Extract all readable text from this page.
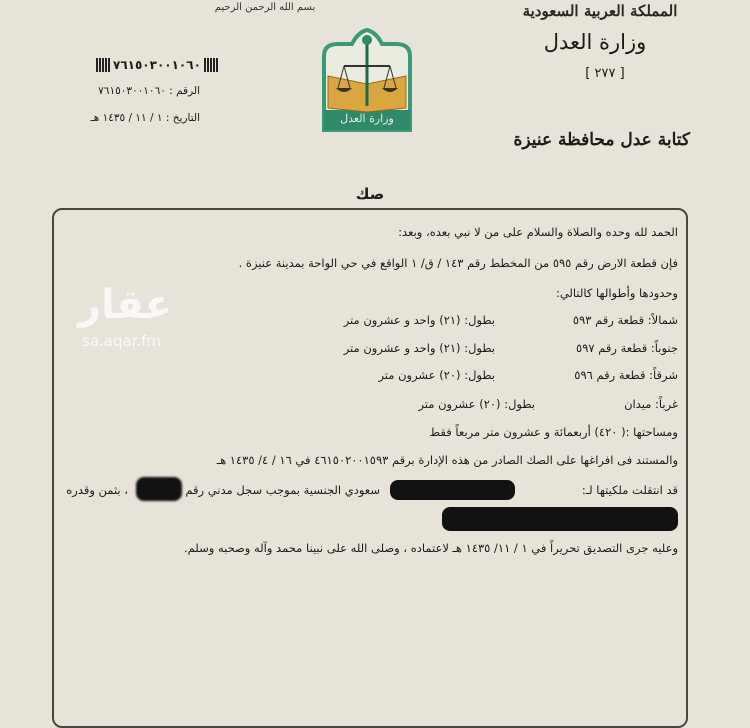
بسم الله الرحمن الرحيم	المملكة العربية السعودية
وزارة العدل
[ ٢٧٧ ]
كتابة عدل محافظة عنيزة
وزارة العدل
٧٦١٥٠٣٠٠١٠٦٠
الرقم : ٧٦١٥٠٣٠٠١٠٦٠
التاريخ : ١ / ١١ / ١٤٣٥ هـ
صك
الحمد لله وحده والصلاة والسلام على من لا نبي بعده، وبعد:
فإن قطعة الارض رقم ٥٩٥ من المخطط رقم ١٤٣ / ق/ ١ الواقع في حي الواحة بمدينة عنيزة .
وحدودها وأطوالها كالتالي:
شمالاً: قطعة رقم ٥٩٣
بطول: (٢١) واحد و عشرون متر
جنوباً: قطعة رقم ٥٩٧
بطول: (٢١) واحد و عشرون متر
شرقاً: قطعة رقم ٥٩٦
بطول: (٢٠) عشرون متر
غرباً: ميدان
بطول: (٢٠) عشرون متر
ومساحتها :( ٤٢٠) أربعمائة و عشرون متر مربعاً فقط
والمستند فى افراغها على الصك الصادر من هذه الإدارة برقم ٤٦١٥٠٢٠٠١٥٩٣ في ١٦ / ٤/ ١٤٣٥ هـ
قد انتقلت ملكيتها لـ:
سعودي الجنسية بموجب سجل مدني رقم
، بثمن وقدره
وعليه جرى التصديق تحريراً في ١ / ١١/ ١٤٣٥ هـ لاعتماده ، وصلى الله على نبينا محمد وآله وصحبه وسلم.
عقار
sa.aqar.fm
